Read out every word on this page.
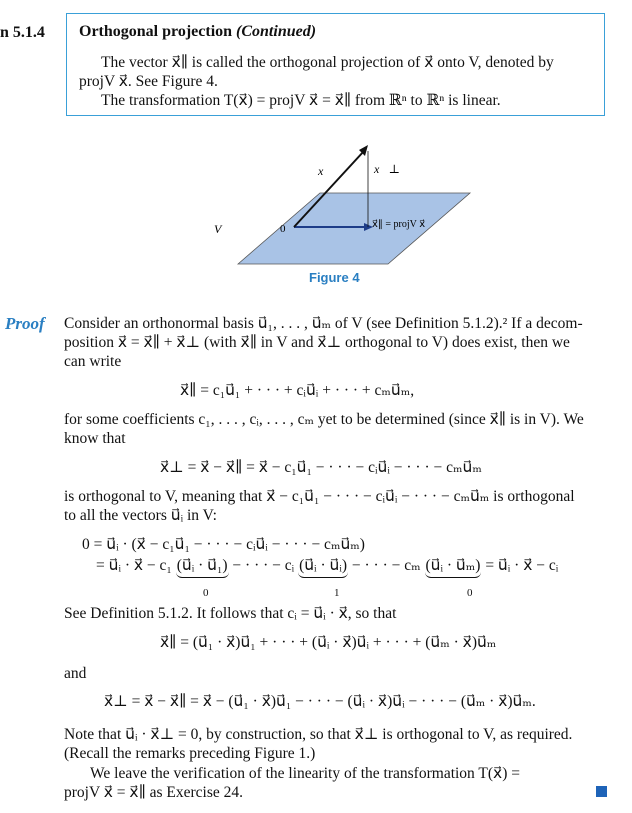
n 5.1.4 Orthogonal projection (Continued)
The vector x⃗∥ is called the orthogonal projection of x⃗ onto V, denoted by
projV x⃗. See Figure 4.
The transformation T(x⃗) = projV x⃗ = x⃗∥ from ℝⁿ to ℝⁿ is linear.
x⃗	x⃗⊥
V	0	x⃗∥ = projV x⃗
Figure 4
Proof Consider an orthonormal basis u⃗₁, . . . , u⃗ₘ of V (see Definition 5.1.2).² If a decom-
position x⃗ = x⃗∥ + x⃗⊥ (with x⃗∥ in V and x⃗⊥ orthogonal to V) does exist, then we
can write
x⃗∥ = c₁u⃗₁ + · · · + cᵢu⃗ᵢ + · · · + cₘu⃗ₘ,
for some coefficients c₁, . . . , cᵢ, . . . , cₘ yet to be determined (since x⃗∥ is in V). We
know that
x⃗⊥ = x⃗ − x⃗∥ = x⃗ − c₁u⃗₁ − · · · − cᵢu⃗ᵢ − · · · − cₘu⃗ₘ
is orthogonal to V, meaning that x⃗ − c₁u⃗₁ − · · · − cᵢu⃗ᵢ − · · · − cₘu⃗ₘ is orthogonal
to all the vectors u⃗ᵢ in V:
0 = u⃗ᵢ · (x⃗ − c₁u⃗₁ − · · · − cᵢu⃗ᵢ − · · · − cₘu⃗ₘ)
= u⃗ᵢ · x⃗ − c₁ (u⃗ᵢ · u⃗₁) − · · · − cᵢ (u⃗ᵢ · u⃗ᵢ) − · · · − cₘ (u⃗ᵢ · u⃗ₘ) = u⃗ᵢ · x⃗ − cᵢ
0	1	0
See Definition 5.1.2. It follows that cᵢ = u⃗ᵢ · x⃗, so that
x⃗∥ = (u⃗₁ · x⃗)u⃗₁ + · · · + (u⃗ᵢ · x⃗)u⃗ᵢ + · · · + (u⃗ₘ · x⃗)u⃗ₘ
and
x⃗⊥ = x⃗ − x⃗∥ = x⃗ − (u⃗₁ · x⃗)u⃗₁ − · · · − (u⃗ᵢ · x⃗)u⃗ᵢ − · · · − (u⃗ₘ · x⃗)u⃗ₘ.
Note that u⃗ᵢ · x⃗⊥ = 0, by construction, so that x⃗⊥ is orthogonal to V, as required.
(Recall the remarks preceding Figure 1.)
We leave the verification of the linearity of the transformation T(x⃗) =
projV x⃗ = x⃗∥ as Exercise 24.
